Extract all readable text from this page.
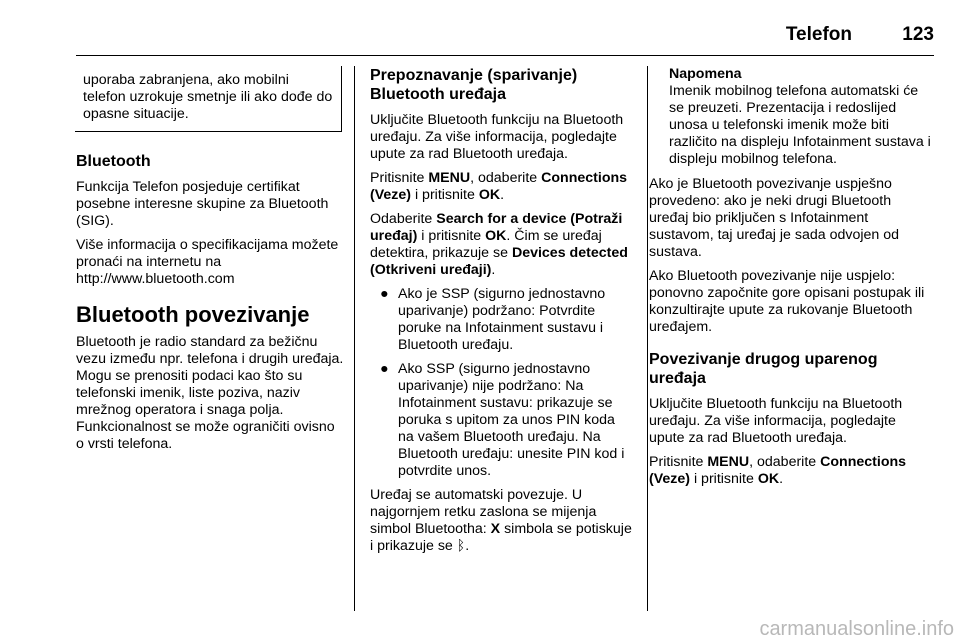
Telefon	123

uporaba zabranjena, ako mobilni telefon uzrokuje smetnje ili ako dođe do opasne situacije.

Bluetooth

Funkcija Telefon posjeduje certifikat posebne interesne skupine za Bluetooth (SIG).

Više informacija o specifikacijama možete pronaći na internetu na http://www.bluetooth.com

Bluetooth povezivanje

Bluetooth je radio standard za bežičnu vezu između npr. telefona i drugih uređaja. Mogu se prenositi podaci kao što su telefonski imenik, liste poziva, naziv mrežnog operatora i snaga polja. Funkcionalnost se može ograničiti ovisno o vrsti telefona.

Prepoznavanje (sparivanje) Bluetooth uređaja

Uključite Bluetooth funkciju na Bluetooth uređaju. Za više informacija, pogledajte upute za rad Bluetooth uređaja.

Pritisnite MENU, odaberite Connections (Veze) i pritisnite OK.

Odaberite Search for a device (Potraži uređaj) i pritisnite OK. Čim se uređaj detektira, prikazuje se Devices detected (Otkriveni uređaji).

● Ako je SSP (sigurno jednostavno uparivanje) podržano: Potvrdite poruke na Infotainment sustavu i Bluetooth uređaju.
● Ako SSP (sigurno jednostavno uparivanje) nije podržano: Na Infotainment sustavu: prikazuje se poruka s upitom za unos PIN koda na vašem Bluetooth uređaju. Na Bluetooth uređaju: unesite PIN kod i potvrdite unos.

Uređaj se automatski povezuje. U najgornjem retku zaslona se mijenja simbol Bluetootha: X simbola se potiskuje i prikazuje se ᛒ.

Napomena
Imenik mobilnog telefona automatski će se preuzeti. Prezentacija i redoslijed unosa u telefonski imenik može biti različito na displeju Infotainment sustava i displeju mobilnog telefona.

Ako je Bluetooth povezivanje uspješno provedeno: ako je neki drugi Bluetooth uređaj bio priključen s Infotainment sustavom, taj uređaj je sada odvojen od sustava.

Ako Bluetooth povezivanje nije uspjelo: ponovno započnite gore opisani postupak ili konzultirajte upute za rukovanje Bluetooth uređajem.

Povezivanje drugog uparenog uređaja

Uključite Bluetooth funkciju na Bluetooth uređaju. Za više informacija, pogledajte upute za rad Bluetooth uređaja.

Pritisnite MENU, odaberite Connections (Veze) i pritisnite OK.

carmanualsonline.info
